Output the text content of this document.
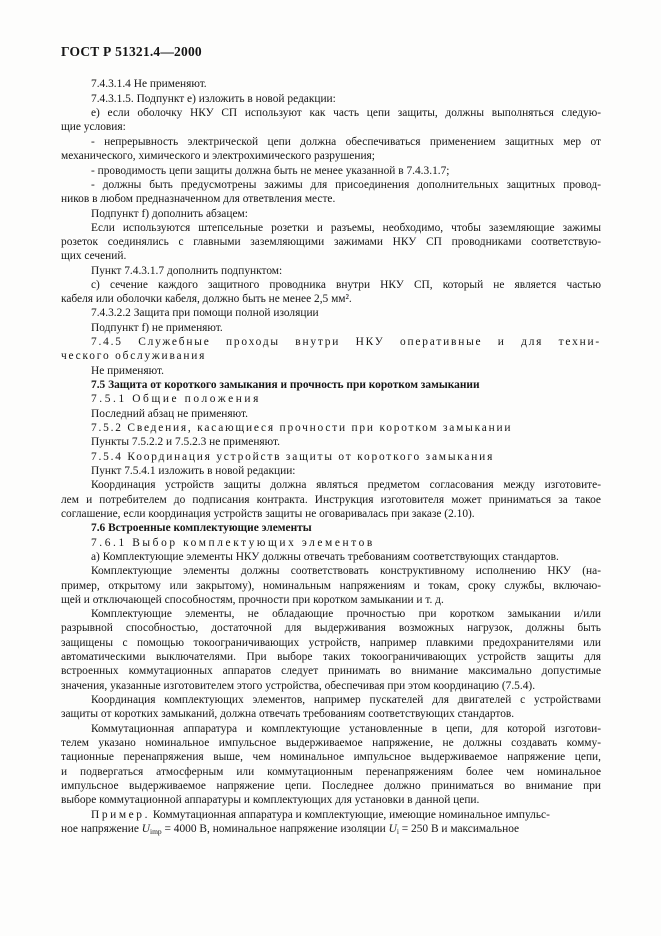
ГОСТ Р 51321.4—2000
7.4.3.1.4 Не применяют.
7.4.3.1.5. Подпункт е) изложить в новой редакции:
е) если оболочку НКУ СП используют как часть цепи защиты, должны выполняться следую-
щие условия:
- непрерывность электрической цепи должна обеспечиваться применением защитных мер от
механического, химического и электрохимического разрушения;
- проводимость цепи защиты должна быть не менее указанной в 7.4.3.1.7;
- должны быть предусмотрены зажимы для присоединения дополнительных защитных провод-
ников в любом предназначенном для ответвления месте.
Подпункт f) дополнить абзацем:
Если используются штепсельные розетки и разъемы, необходимо, чтобы заземляющие зажимы
розеток соединялись с главными заземляющими зажимами НКУ СП проводниками соответствую-
щих сечений.
Пункт 7.4.3.1.7 дополнить подпунктом:
с) сечение каждого защитного проводника внутри НКУ СП, который не является частью
кабеля или оболочки кабеля, должно быть не менее 2,5 мм².
7.4.3.2.2 Защита при помощи полной изоляции
Подпункт f) не применяют.
7.4.5 Служебные проходы внутри НКУ оперативные и для техни-
ческого обслуживания
Не применяют.
7.5 Защита от короткого замыкания и прочность при коротком замыкании
7.5.1 Общие положения
Последний абзац не применяют.
7.5.2 Сведения, касающиеся прочности при коротком замыкании
Пункты 7.5.2.2 и 7.5.2.3 не применяют.
7.5.4 Координация устройств защиты от короткого замыкания
Пункт 7.5.4.1 изложить в новой редакции:
Координация устройств защиты должна являться предметом согласования между изготовите-
лем и потребителем до подписания контракта. Инструкция изготовителя может приниматься за такое
соглашение, если координация устройств защиты не оговаривалась при заказе (2.10).
7.6 Встроенные комплектующие элементы
7.6.1 Выбор комплектующих элементов
а) Комплектующие элементы НКУ должны отвечать требованиям соответствующих стандартов.
Комплектующие элементы должны соответствовать конструктивному исполнению НКУ (на-
пример, открытому или закрытому), номинальным напряжениям и токам, сроку службы, включаю-
щей и отключающей способностям, прочности при коротком замыкании и т. д.
Комплектующие элементы, не обладающие прочностью при коротком замыкании и/или
разрывной способностью, достаточной для выдерживания возможных нагрузок, должны быть
защищены с помощью токоограничивающих устройств, например плавкими предохранителями или
автоматическими выключателями. При выборе таких токоограничивающих устройств защиты для
встроенных коммутационных аппаратов следует принимать во внимание максимально допустимые
значения, указанные изготовителем этого устройства, обеспечивая при этом координацию (7.5.4).
Координация комплектующих элементов, например пускателей для двигателей с устройствами
защиты от коротких замыканий, должна отвечать требованиям соответствующих стандартов.
Коммутационная аппаратура и комплектующие установленные в цепи, для которой изготови-
телем указано номинальное импульсное выдерживаемое напряжение, не должны создавать комму-
тационные перенапряжения выше, чем номинальное импульсное выдерживаемое напряжение цепи,
и подвергаться атмосферным или коммутационным перенапряжениям более чем номинальное
импульсное выдерживаемое напряжение цепи. Последнее должно приниматься во внимание при
выборе коммутационной аппаратуры и комплектующих для установки в данной цепи.
Пример. Коммутационная аппаратура и комплектующие, имеющие номинальное импульс-
ное напряжение $U_{imp} = 4000$ В, номинальное напряжение изоляции $U_i = 250$ В и максимальное
